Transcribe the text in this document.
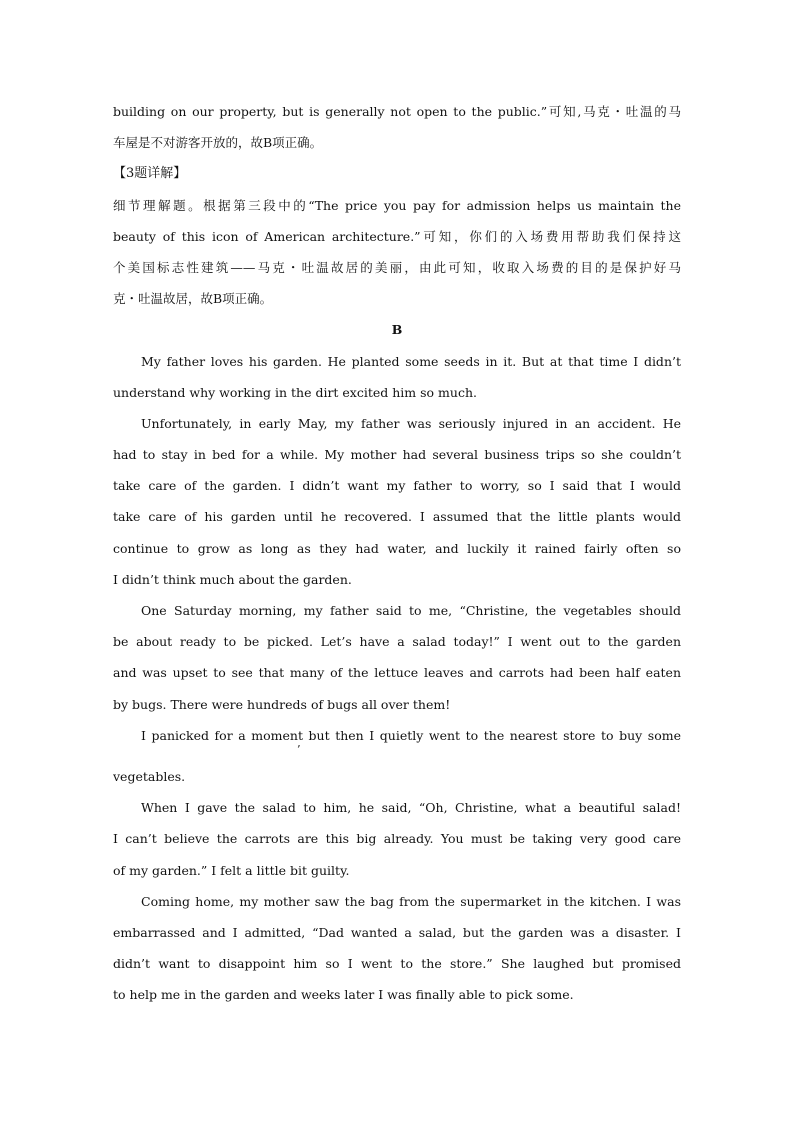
building on our property, but is generally not open to the public.”可知,马克・吐温的马
车屋是不对游客开放的，故B项正确。
【3题详解】
细节理解题。根据第三段中的“The price you pay for admission helps us maintain the
beauty of this icon of American architecture.”可知，你们的入场费用帮助我们保持这
个美国标志性建筑——马克・吐温故居的美丽，由此可知，收取入场费的目的是保护好马
克・吐温故居，故B项正确。
B
My father loves his garden. He planted some seeds in it. But at that time I didn’t
understand why working in the dirt excited him so much.
Unfortunately, in early May, my father was seriously injured in an accident. He
had to stay in bed for a while. My mother had several business trips so she couldn’t
take care of the garden. I didn’t want my father to worry, so I said that I would
take care of his garden until he recovered. I assumed that the little plants would
continue to grow as long as they had water, and luckily it rained fairly often so
I didn’t think much about the garden.
One Saturday morning, my father said to me, “Christine, the vegetables should
be about ready to be picked. Let’s have a salad today!” I went out to the garden
and was upset to see that many of the lettuce leaves and carrots had been half eaten
by bugs. There were hundreds of bugs all over them!
I panicked for a moment but then I quietly went to the nearest store to buy some
’
vegetables.
When I gave the salad to him, he said, “Oh, Christine, what a beautiful salad!
I can’t believe the carrots are this big already. You must be taking very good care
of my garden.” I felt a little bit guilty.
Coming home, my mother saw the bag from the supermarket in the kitchen. I was
embarrassed and I admitted, “Dad wanted a salad, but the garden was a disaster. I
didn’t want to disappoint him so I went to the store.” She laughed but promised
to help me in the garden and weeks later I was finally able to pick some.
